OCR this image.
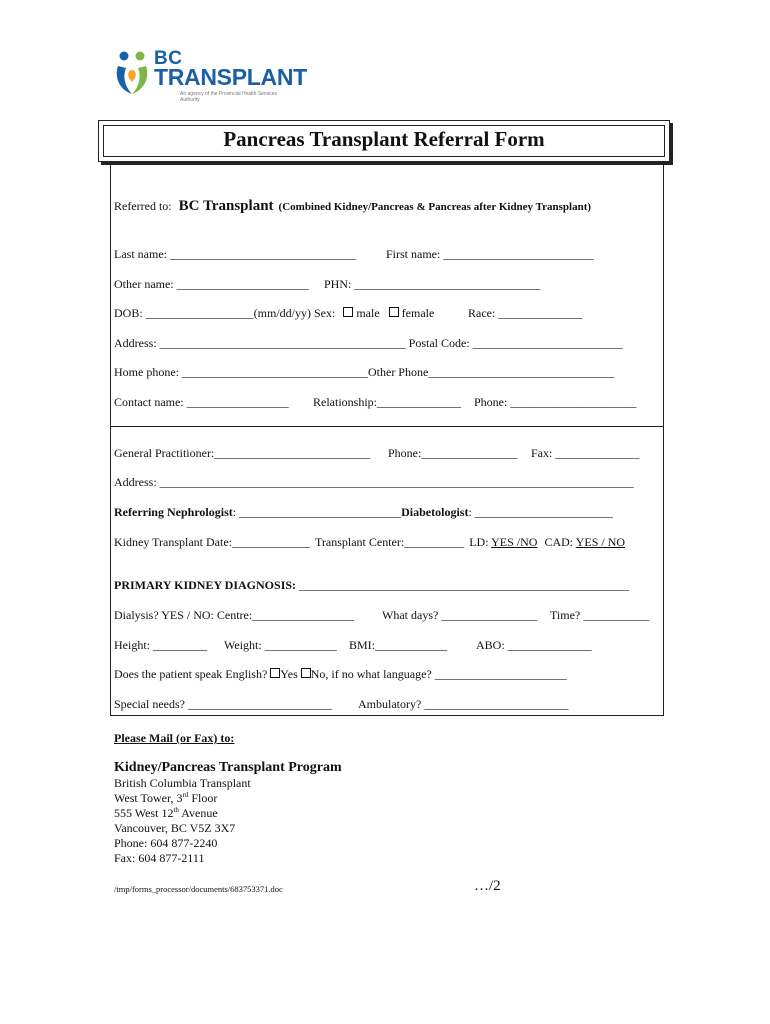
BC
TRANSPLANT
An agency of the Provincial Health Services Authority
Pancreas Transplant Referral Form
Referred to: BC Transplant (Combined Kidney/Pancreas & Pancreas after Kidney Transplant)
Last name: _______________________________	First name: _________________________
Other name: ______________________ PHN: _______________________________
DOB: __________________(mm/dd/yy) Sex: male female	Race: ______________
Address: _________________________________________ Postal Code: _________________________
Home phone: _______________________________Other Phone_______________________________
Contact name: _________________ Relationship:______________ Phone: _____________________
General Practitioner:__________________________ Phone:________________ Fax: ______________
Address: _______________________________________________________________________________
Referring Nephrologist: ___________________________Diabetologist: _______________________
Kidney Transplant Date:_____________ Transplant Center:__________ LD: YES /NO CAD: YES / NO
PRIMARY KIDNEY DIAGNOSIS: _______________________________________________________
Dialysis? YES / NO: Centre:_________________ What days? ________________ Time? ___________
Height: _________ Weight: ____________ BMI:____________ ABO: ______________
Does the patient speak English? Yes No, if no what language? ______________________
Special needs? ________________________ Ambulatory? ________________________
Please Mail (or Fax) to:
Kidney/Pancreas Transplant Program
British Columbia Transplant
West Tower, 3rd Floor
555 West 12th Avenue
Vancouver, BC V5Z 3X7
Phone: 604 877-2240
Fax: 604 877-2111
/tmp/forms_processor/documents/683753371.doc	…/2
